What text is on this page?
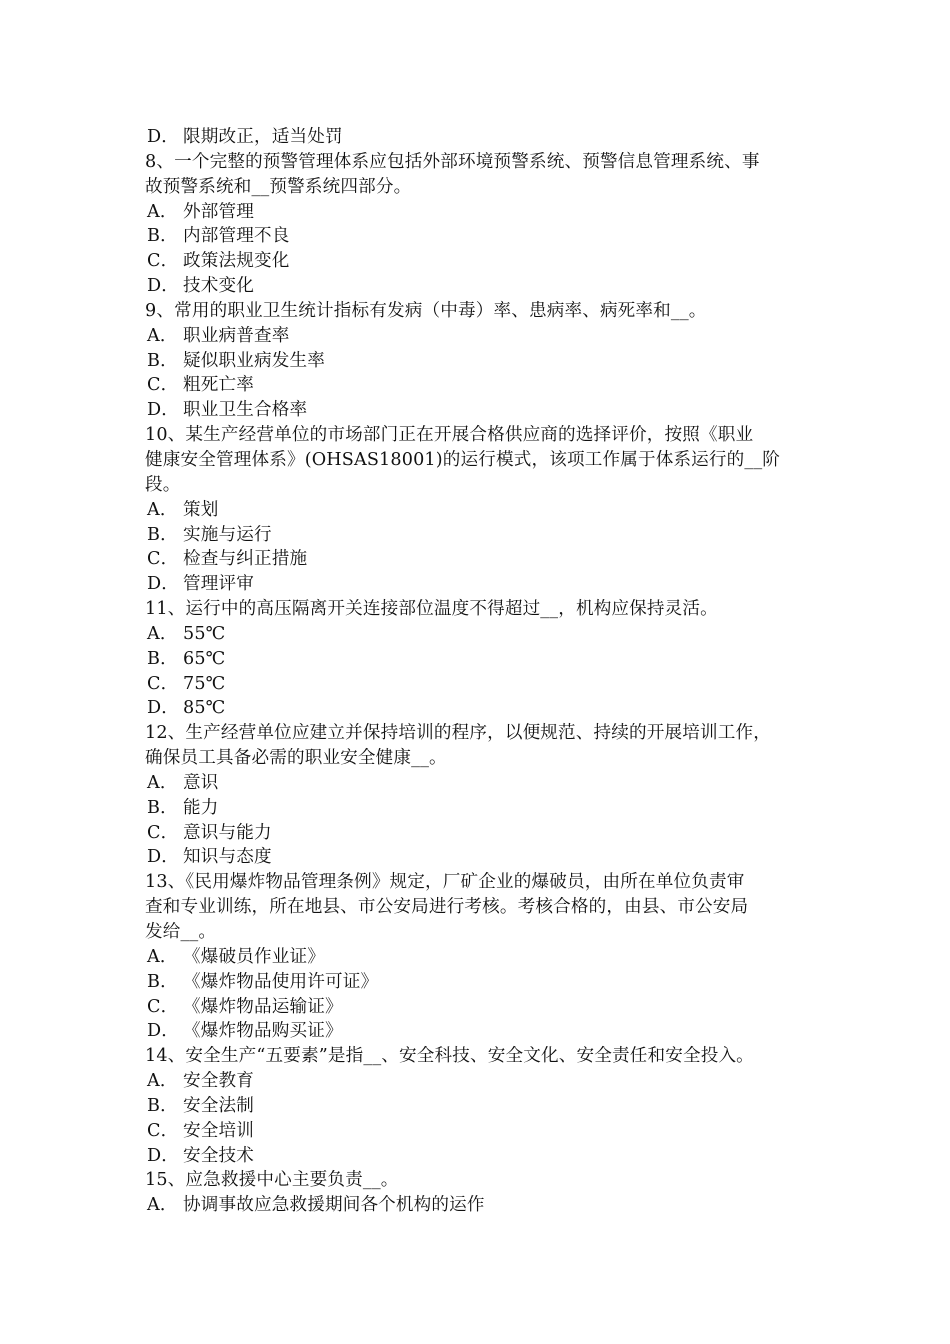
D． 限期改正，适当处罚
8、一个完整的预警管理体系应包括外部环境预警系统、预警信息管理系统、事
故预警系统和__预警系统四部分。
A． 外部管理
B． 内部管理不良
C． 政策法规变化
D． 技术变化
9、常用的职业卫生统计指标有发病（中毒）率、患病率、病死率和__。
A． 职业病普查率
B． 疑似职业病发生率
C． 粗死亡率
D． 职业卫生合格率
10、某生产经营单位的市场部门正在开展合格供应商的选择评价，按照《职业
健康安全管理体系》(OHSAS18001)的运行模式，该项工作属于体系运行的__阶
段。
A． 策划
B． 实施与运行
C． 检查与纠正措施
D． 管理评审
11、运行中的高压隔离开关连接部位温度不得超过__，机构应保持灵活。
A． 55℃
B． 65℃
C． 75℃
D． 85℃
12、生产经营单位应建立并保持培训的程序，以便规范、持续的开展培训工作，
确保员工具备必需的职业安全健康__。
A． 意识
B． 能力
C． 意识与能力
D． 知识与态度
13、《民用爆炸物品管理条例》规定，厂矿企业的爆破员，由所在单位负责审
查和专业训练，所在地县、市公安局进行考核。考核合格的，由县、市公安局
发给__。
A． 《爆破员作业证》
B． 《爆炸物品使用许可证》
C． 《爆炸物品运输证》
D． 《爆炸物品购买证》
14、安全生产“五要素”是指__、安全科技、安全文化、安全责任和安全投入。
A． 安全教育
B． 安全法制
C． 安全培训
D． 安全技术
15、应急救援中心主要负责__。
A． 协调事故应急救援期间各个机构的运作
